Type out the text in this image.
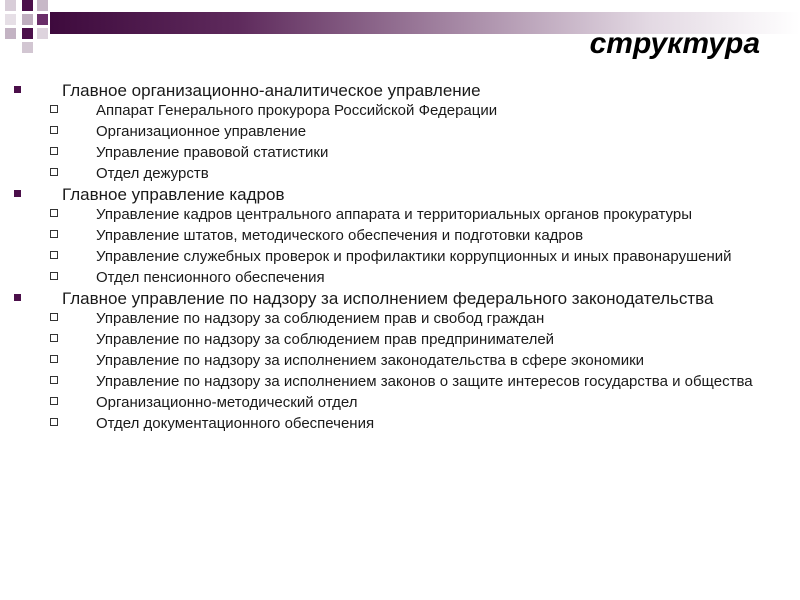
структура
Главное организационно-аналитическое управление
Аппарат Генерального прокурора Российской Федерации
Организационное управление
Управление правовой статистики
Отдел дежурств
Главное управление кадров
Управление кадров центрального аппарата и территориальных органов прокуратуры
Управление штатов, методического обеспечения и подготовки кадров
Управление служебных проверок и профилактики коррупционных и иных правонарушений
Отдел пенсионного обеспечения
Главное управление по надзору за исполнением федерального законодательства
Управление по надзору за соблюдением прав и свобод граждан
Управление по надзору за соблюдением прав предпринимателей
Управление по надзору за исполнением законодательства в сфере экономики
Управление по надзору за исполнением законов о защите интересов государства и общества
Организационно-методический отдел
Отдел документационного обеспечения
